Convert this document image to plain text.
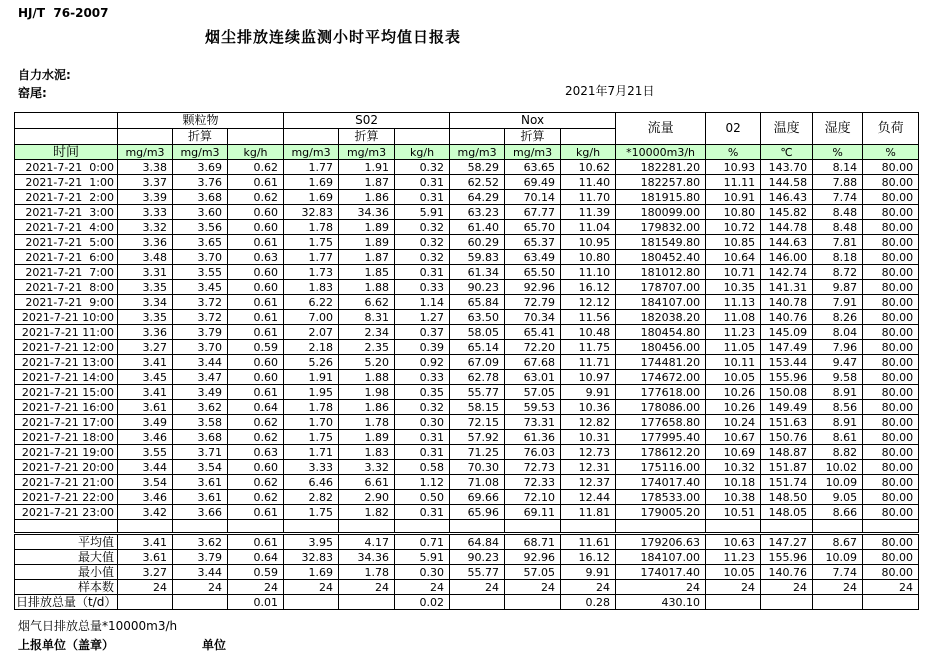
HJ/T  76-2007
烟尘排放连续监测小时平均值日报表
自力水泥:
窑尾:	2021年7月21日
	颗粒物			S02			Nox			流量	02	温度	湿度	负荷
		折算			折算			折算						
时间	mg/m3	mg/m3	kg/h	mg/m3	mg/m3	kg/h	mg/m3	mg/m3	kg/h	*10000m3/h	%	℃	%	%
2021-7-21  0:00	3.38	3.69	0.62	1.77	1.91	0.32	58.29	63.65	10.62	182281.20	10.93	143.70	8.14	80.00
2021-7-21  1:00	3.37	3.76	0.61	1.69	1.87	0.31	62.52	69.49	11.40	182257.80	11.11	144.58	7.88	80.00
2021-7-21  2:00	3.39	3.68	0.62	1.69	1.86	0.31	64.29	70.14	11.70	181915.80	10.91	146.43	7.74	80.00
2021-7-21  3:00	3.33	3.60	0.60	32.83	34.36	5.91	63.23	67.77	11.39	180099.00	10.80	145.82	8.48	80.00
2021-7-21  4:00	3.32	3.56	0.60	1.78	1.89	0.32	61.40	65.70	11.04	179832.00	10.72	144.78	8.48	80.00
2021-7-21  5:00	3.36	3.65	0.61	1.75	1.89	0.32	60.29	65.37	10.95	181549.80	10.85	144.63	7.81	80.00
2021-7-21  6:00	3.48	3.70	0.63	1.77	1.87	0.32	59.83	63.49	10.80	180452.40	10.64	146.00	8.18	80.00
2021-7-21  7:00	3.31	3.55	0.60	1.73	1.85	0.31	61.34	65.50	11.10	181012.80	10.71	142.74	8.72	80.00
2021-7-21  8:00	3.35	3.45	0.60	1.83	1.88	0.33	90.23	92.96	16.12	178707.00	10.35	141.31	9.87	80.00
2021-7-21  9:00	3.34	3.72	0.61	6.22	6.62	1.14	65.84	72.79	12.12	184107.00	11.13	140.78	7.91	80.00
2021-7-21 10:00	3.35	3.72	0.61	7.00	8.31	1.27	63.50	70.34	11.56	182038.20	11.08	140.76	8.26	80.00
2021-7-21 11:00	3.36	3.79	0.61	2.07	2.34	0.37	58.05	65.41	10.48	180454.80	11.23	145.09	8.04	80.00
2021-7-21 12:00	3.27	3.70	0.59	2.18	2.35	0.39	65.14	72.20	11.75	180456.00	11.05	147.49	7.96	80.00
2021-7-21 13:00	3.41	3.44	0.60	5.26	5.20	0.92	67.09	67.68	11.71	174481.20	10.11	153.44	9.47	80.00
2021-7-21 14:00	3.45	3.47	0.60	1.91	1.88	0.33	62.78	63.01	10.97	174672.00	10.05	155.96	9.58	80.00
2021-7-21 15:00	3.41	3.49	0.61	1.95	1.98	0.35	55.77	57.05	9.91	177618.00	10.26	150.08	8.91	80.00
2021-7-21 16:00	3.61	3.62	0.64	1.78	1.86	0.32	58.15	59.53	10.36	178086.00	10.26	149.49	8.56	80.00
2021-7-21 17:00	3.49	3.58	0.62	1.70	1.78	0.30	72.15	73.31	12.82	177658.80	10.24	151.63	8.91	80.00
2021-7-21 18:00	3.46	3.68	0.62	1.75	1.89	0.31	57.92	61.36	10.31	177995.40	10.67	150.76	8.61	80.00
2021-7-21 19:00	3.55	3.71	0.63	1.71	1.83	0.31	71.25	76.03	12.73	178612.20	10.69	148.87	8.82	80.00
2021-7-21 20:00	3.44	3.54	0.60	3.33	3.32	0.58	70.30	72.73	12.31	175116.00	10.32	151.87	10.02	80.00
2021-7-21 21:00	3.54	3.61	0.62	6.46	6.61	1.12	71.08	72.33	12.37	174017.40	10.18	151.74	10.09	80.00
2021-7-21 22:00	3.46	3.61	0.62	2.82	2.90	0.50	69.66	72.10	12.44	178533.00	10.38	148.50	9.05	80.00
2021-7-21 23:00	3.42	3.66	0.61	1.75	1.82	0.31	65.96	69.11	11.81	179005.20	10.51	148.05	8.66	80.00

平均值	3.41	3.62	0.61	3.95	4.17	0.71	64.84	68.71	11.61	179206.63	10.63	147.27	8.67	80.00
最大值	3.61	3.79	0.64	32.83	34.36	5.91	90.23	92.96	16.12	184107.00	11.23	155.96	10.09	80.00
最小值	3.27	3.44	0.59	1.69	1.78	0.30	55.77	57.05	9.91	174017.40	10.05	140.76	7.74	80.00
样本数	24	24	24	24	24	24	24	24	24	24	24	24	24	24
日排放总量（t/d）			0.01			0.02			0.28	430.10				
烟气日排放总量*10000m3/h
上报单位（盖章）	单位
